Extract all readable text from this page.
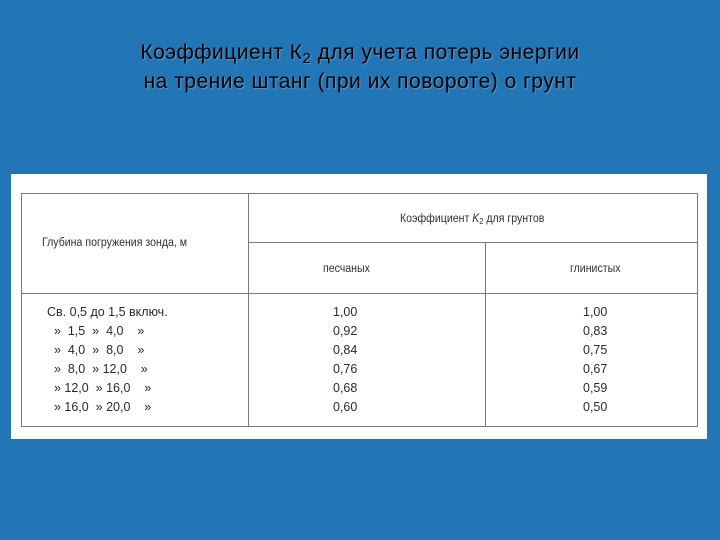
Коэффициент $К_2$ для учета потерь энергии
на трение штанг (при их повороте) о грунт
Глубина погружения зонда, м
Коэффициент $K_2$ для грунтов
песчаных	глинистых
Св. 0,5 до 1,5 включ.	1,00	1,00
»  1,5  »  4,0    »	0,92	0,83
»  4,0  »  8,0    »	0,84	0,75
»  8,0  » 12,0    »	0,76	0,67
» 12,0  » 16,0    »	0,68	0,59
» 16,0  » 20,0    »	0,60	0,50
